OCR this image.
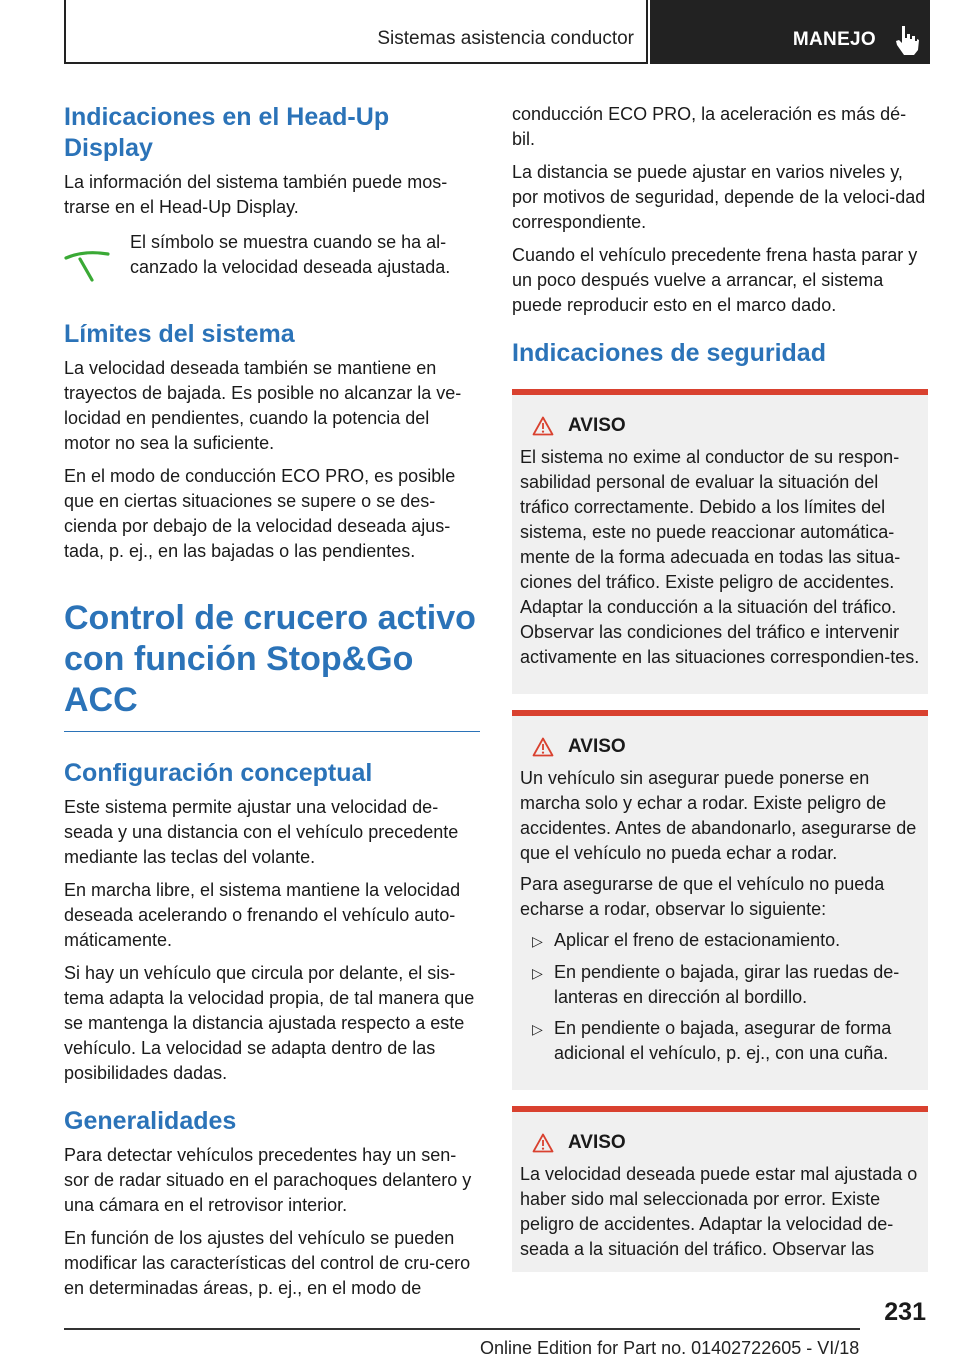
Sistemas asistencia conductor	MANEJO
Indicaciones en el Head-Up Display

La información del sistema también puede mos-trarse en el Head-Up Display.

El símbolo se muestra cuando se ha al-canzado la velocidad deseada ajustada.

Límites del sistema

La velocidad deseada también se mantiene en trayectos de bajada. Es posible no alcanzar la ve-locidad en pendientes, cuando la potencia del motor no sea la suficiente.

En el modo de conducción ECO PRO, es posible que en ciertas situaciones se supere o se des-cienda por debajo de la velocidad deseada ajus-tada, p. ej., en las bajadas o las pendientes.

Control de crucero activo con función Stop&Go ACC
Configuración conceptual

Este sistema permite ajustar una velocidad de-seada y una distancia con el vehículo precedente mediante las teclas del volante.

En marcha libre, el sistema mantiene la velocidad deseada acelerando o frenando el vehículo auto-máticamente.

Si hay un vehículo que circula por delante, el sis-tema adapta la velocidad propia, de tal manera que se mantenga la distancia ajustada respecto a este vehículo. La velocidad se adapta dentro de las posibilidades dadas.

Generalidades

Para detectar vehículos precedentes hay un sen-sor de radar situado en el parachoques delantero y una cámara en el retrovisor interior.

En función de los ajustes del vehículo se pueden modificar las características del control de cru-cero en determinadas áreas, p. ej., en el modo de

conducción ECO PRO, la aceleración es más dé-bil.

La distancia se puede ajustar en varios niveles y, por motivos de seguridad, depende de la veloci-dad correspondiente.

Cuando el vehículo precedente frena hasta parar y un poco después vuelve a arrancar, el sistema puede reproducir esto en el marco dado.

Indicaciones de seguridad
AVISO

El sistema no exime al conductor de su respon-sabilidad personal de evaluar la situación del tráfico correctamente. Debido a los límites del sistema, este no puede reaccionar automática-mente de la forma adecuada en todas las situa-ciones del tráfico. Existe peligro de accidentes. Adaptar la conducción a la situación del tráfico. Observar las condiciones del tráfico e intervenir activamente en las situaciones correspondien-tes.

AVISO

Un vehículo sin asegurar puede ponerse en marcha solo y echar a rodar. Existe peligro de accidentes. Antes de abandonarlo, asegurarse de que el vehículo no pueda echar a rodar.

Para asegurarse de que el vehículo no pueda echarse a rodar, observar lo siguiente:

▷ Aplicar el freno de estacionamiento.
▷ En pendiente o bajada, girar las ruedas de-lanteras en dirección al bordillo.
▷ En pendiente o bajada, asegurar de forma adicional el vehículo, p. ej., con una cuña.
AVISO

La velocidad deseada puede estar mal ajustada o haber sido mal seleccionada por error. Existe peligro de accidentes. Adaptar la velocidad de-seada a la situación del tráfico. Observar las

231
Online Edition for Part no. 01402722605 - VI/18
